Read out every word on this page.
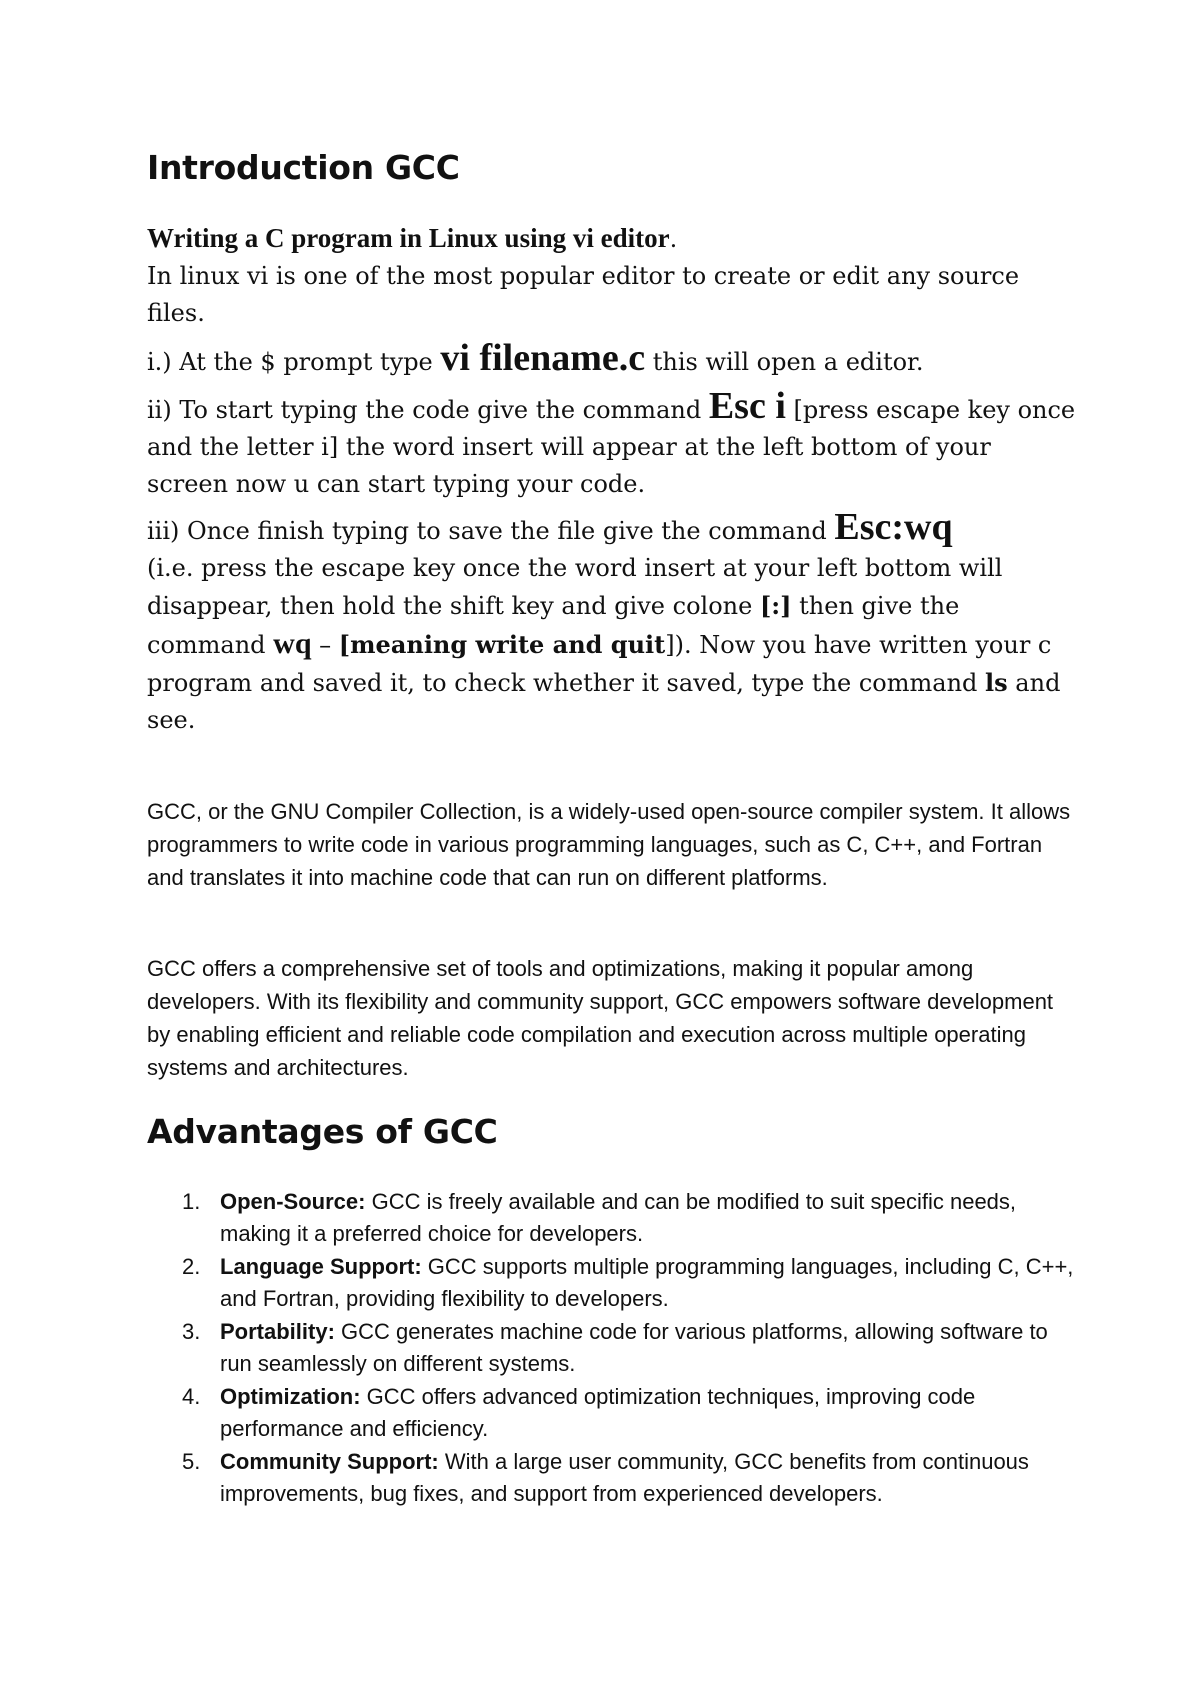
Introduction GCC

Writing a C program in Linux using vi editor.

In linux vi is one of the most popular editor to create or edit any source files.

i.) At the $ prompt type vi filename.c this will open a editor.

ii) To start typing the code give the command Esc i [press escape key once and the letter i] the word insert will appear at the left bottom of your screen now u can start typing your code.

iii) Once finish typing to save the file give the command Esc:wq
(i.e. press the escape key once the word insert at your left bottom will disappear, then hold the shift key and give colone [:] then give the command wq – [meaning write and quit]). Now you have written your c program and saved it, to check whether it saved, type the command ls and see.

GCC, or the GNU Compiler Collection, is a widely-used open-source compiler system. It allows programmers to write code in various programming languages, such as C, C++, and Fortran and translates it into machine code that can run on different platforms.

GCC offers a comprehensive set of tools and optimizations, making it popular among developers. With its flexibility and community support, GCC empowers software development by enabling efficient and reliable code compilation and execution across multiple operating systems and architectures.

Advantages of GCC
1. Open-Source: GCC is freely available and can be modified to suit specific needs, making it a preferred choice for developers.
2. Language Support: GCC supports multiple programming languages, including C, C++, and Fortran, providing flexibility to developers.
3. Portability: GCC generates machine code for various platforms, allowing software to run seamlessly on different systems.
4. Optimization: GCC offers advanced optimization techniques, improving code performance and efficiency.
5. Community Support: With a large user community, GCC benefits from continuous improvements, bug fixes, and support from experienced developers.
